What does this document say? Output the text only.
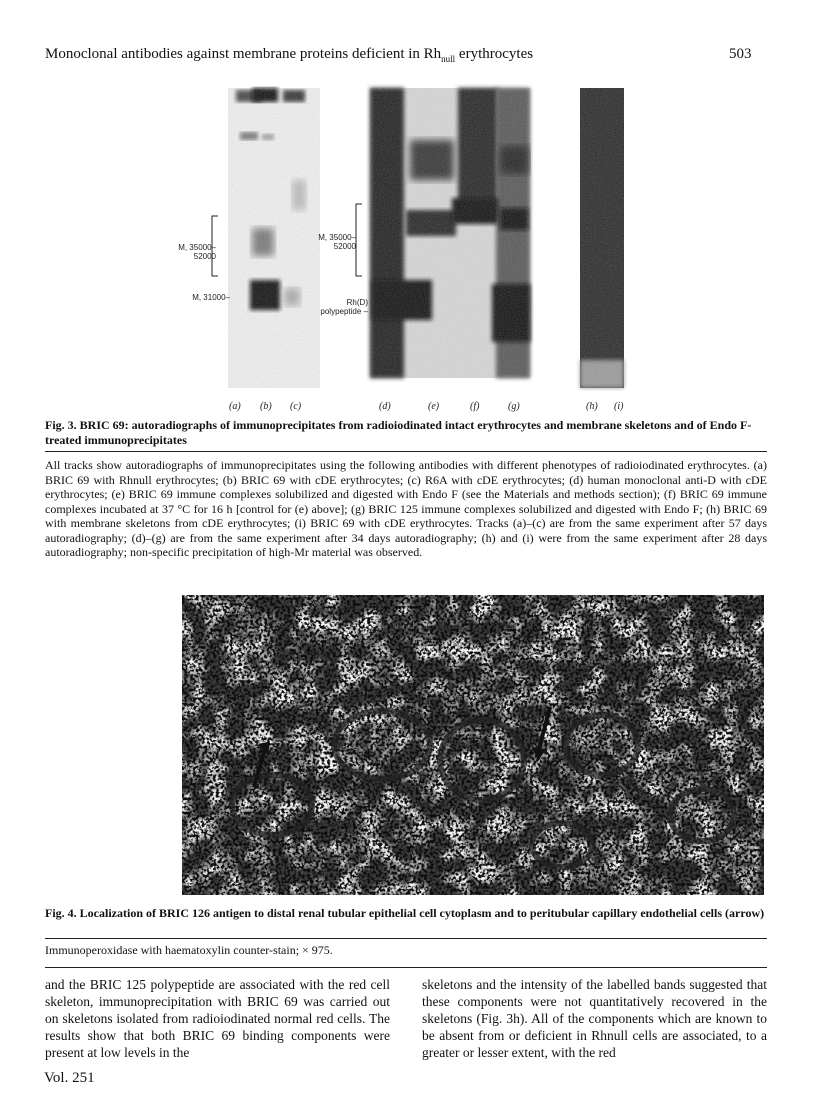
Monoclonal antibodies against membrane proteins deficient in $Rh_{null}$ erythrocytes	503
M, 35000–
52000
M, 31000–
M, 35000–
52000
Rh(D)
polypeptide –
(a) (b) (c)	(d)	(e)	(f)	(g)	(h) (i)
Fig. 3. BRIC 69: autoradiographs of immunoprecipitates from radioiodinated intact erythrocytes and membrane skeletons and of Endo F-treated immunoprecipitates
All tracks show autoradiographs of immunoprecipitates using the following antibodies with different phenotypes of radioiodinated erythrocytes. (a) BRIC 69 with Rhnull erythrocytes; (b) BRIC 69 with cDE erythrocytes; (c) R6A with cDE erythrocytes; (d) human monoclonal anti-D with cDE erythrocytes; (e) BRIC 69 immune complexes solubilized and digested with Endo F (see the Materials and methods section); (f) BRIC 69 immune complexes incubated at 37 °C for 16 h [control for (e) above]; (g) BRIC 125 immune complexes solubilized and digested with Endo F; (h) BRIC 69 with membrane skeletons from cDE erythrocytes; (i) BRIC 69 with cDE erythrocytes. Tracks (a)–(c) are from the same experiment after 57 days autoradiography; (d)–(g) are from the same experiment after 34 days autoradiography; (h) and (i) were from the same experiment after 28 days autoradiography; non-specific precipitation of high-Mr material was observed.
Fig. 4. Localization of BRIC 126 antigen to distal renal tubular epithelial cell cytoplasm and to peritubular capillary endothelial cells (arrow)
Immunoperoxidase with haematoxylin counter-stain; × 975.
and the BRIC 125 polypeptide are associated with the red cell skeleton, immunoprecipitation with BRIC 69 was carried out on skeletons isolated from radioiodinated normal red cells. The results show that both BRIC 69 binding components were present at low levels in the
skeletons and the intensity of the labelled bands suggested that these components were not quantitatively recovered in the skeletons (Fig. 3h). All of the components which are known to be absent from or deficient in Rhnull cells are associated, to a greater or lesser extent, with the red
Vol. 251
